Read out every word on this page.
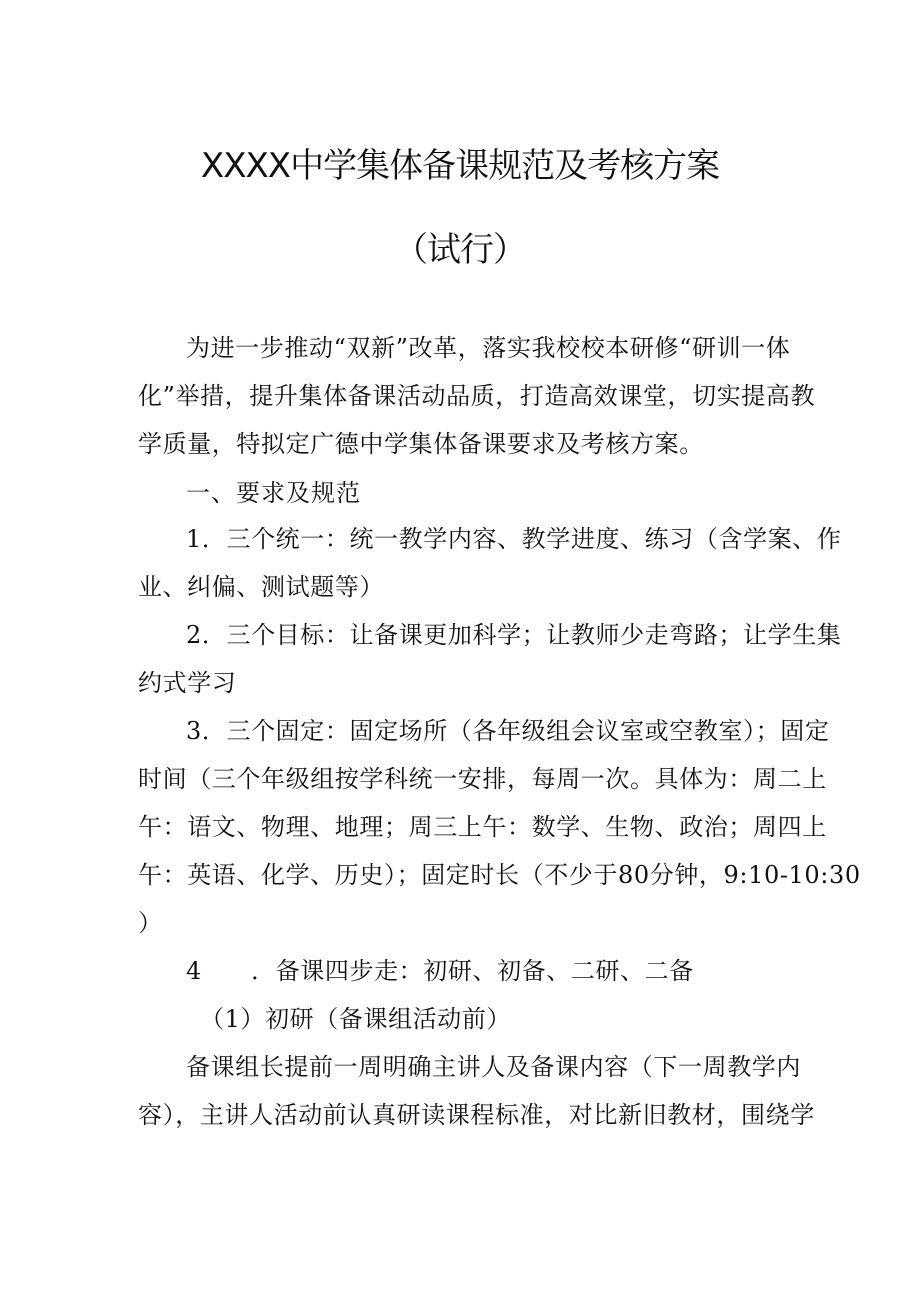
XXXX中学集体备课规范及考核方案
（试行）
为进一步推动“双新”改革，落实我校校本研修“研训一体
化”举措，提升集体备课活动品质，打造高效课堂，切实提高教
学质量，特拟定广德中学集体备课要求及考核方案。
一、要求及规范
1．三个统一：统一教学内容、教学进度、练习（含学案、作
业、纠偏、测试题等）
2．三个目标：让备课更加科学；让教师少走弯路；让学生集
约式学习
3．三个固定：固定场所（各年级组会议室或空教室）；固定
时间（三个年级组按学科统一安排，每周一次。具体为：周二上
午：语文、物理、地理；周三上午：数学、生物、政治；周四上
午：英语、化学、历史）；固定时长（不少于80分钟，9:10-10:30
）
4　　．备课四步走：初研、初备、二研、二备
（1）初研（备课组活动前）
备课组长提前一周明确主讲人及备课内容（下一周教学内
容），主讲人活动前认真研读课程标准，对比新旧教材，围绕学
